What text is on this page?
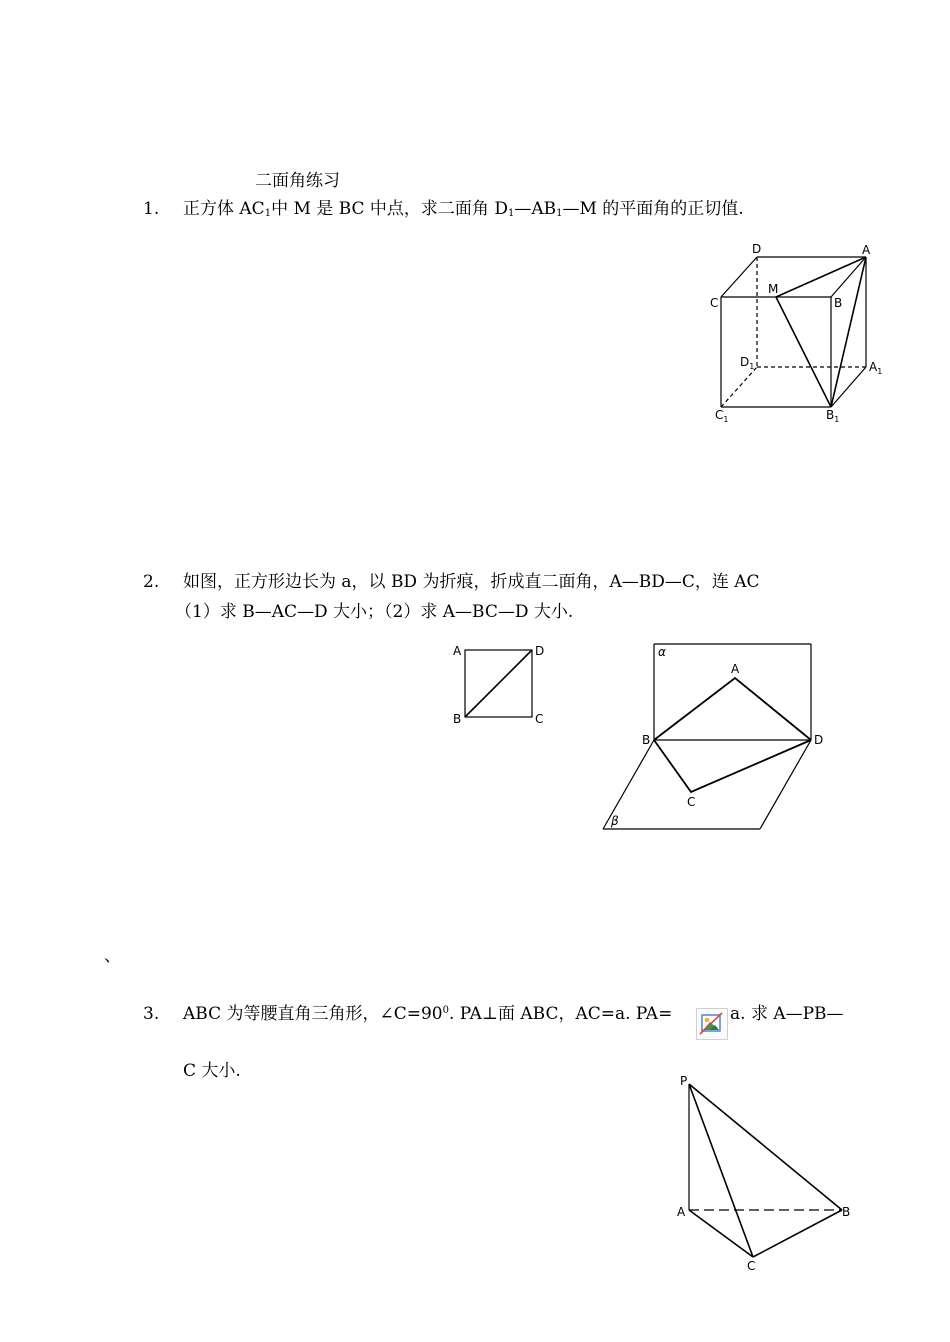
二面角练习
1. 正方体 $AC_1$中 M 是 BC 中点，求二面角 $D_1—AB_1—M$ 的平面角的正切值.
D	A
C
M
B
$D_1$	$A_1$
$C_1$	$B_1$
2. 如图，正方形边长为 a，以 BD 为折痕，折成直二面角，A—BD—C，连 AC
（1）求 B—AC—D 大小；（2）求 A—BC—D 大小.
A	D
B	C
α
β
A
B	D
C
、
3. ABC 为等腰直角三角形，$\angle C=90^0$. PA⊥面 ABC，AC=a. PA=	a. 求 A—PB—
C 大小.	P
A	B
C
